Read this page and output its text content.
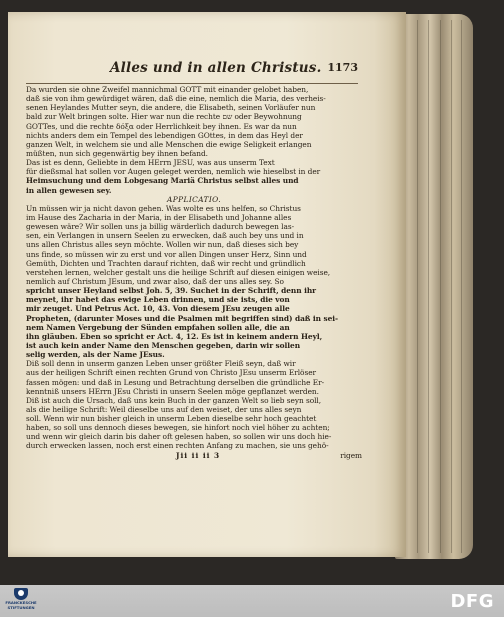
Alles und in allen Christus. 1173
Da wurden sie ohne Zweifel mannichmal GOTT mit einander gelobet haben,
daß sie von ihm gewürdiget wären, daß die eine, nemlich die Maria, des verheis-
senen Heylandes Mutter seyn, die andere, die Elisabeth, seinen Vorläufer nun
bald zur Welt bringen solte. Hier war nun die rechte שם oder Beywohnung
GOTTes, und die rechte δόξα oder Herrlichkeit bey ihnen. Es war da nun
nichts anders dem ein Tempel des lebendigen GOttes, in dem das Heyl der
ganzen Welt, in welchem sie und alle Menschen die ewige Seligkeit erlangen
müßten, nun sich gegenwärtig bey ihnen befand.
Das ist es denn, Geliebte in dem HErrn JESU, was aus unserm Text
für dießsmal hat sollen vor Augen geleget werden, nemlich wie hieselbst in der
Heimsuchung und dem Lobgesang Mariä Christus selbst alles und
in allen gewesen sey.
APPLICATIO.
Un müssen wir ja nicht davon gehen. Was wolte es uns helfen, so Christus
im Hause des Zacharia in der Maria, in der Elisabeth und Johanne alles
gewesen wäre? Wir sollen uns ja billig wärderlich dadurch bewegen las-
sen, ein Verlangen in unsern Seelen zu erwecken, daß auch bey uns und in
uns allen Christus alles seyn möchte. Wollen wir nun, daß dieses sich bey
uns finde, so müssen wir zu erst und vor allen Dingen unser Herz, Sinn und
Gemüth, Dichten und Trachten darauf richten, daß wir recht und gründlich
verstehen lernen, welcher gestalt uns die heilige Schrift auf diesen einigen weise,
nemlich auf Christum JEsum, und zwar also, daß der uns alles sey. So
spricht unser Heyland selbst Joh. 5, 39. Suchet in der Schrift, denn ihr
meynet, ihr habet das ewige Leben drinnen, und sie ists, die von
mir zeuget. Und Petrus Act. 10, 43. Von diesem JEsu zeugen alle
Propheten, (darunter Moses und die Psalmen mit begriffen sind) daß in sei-
nem Namen Vergebung der Sünden empfahen sollen alle, die an
ihn gläuben. Eben so spricht er Act. 4, 12. Es ist in keinem andern Heyl,
ist auch kein ander Name den Menschen gegeben, darin wir sollen
selig werden, als der Name JEsus.
Diß soll denn in unserm ganzen Leben unser größter Fleiß seyn, daß wir
aus der heiligen Schrift einen rechten Grund von Christo JEsu unserm Erlöser
fassen mögen: und daß in Lesung und Betrachtung derselben die gründliche Er-
kenntniß unsers HErrn JEsu Christi in unsern Seelen möge gepflanzet werden.
Diß ist auch die Ursach, daß uns kein Buch in der ganzen Welt so lieb seyn soll,
als die heilige Schrift: Weil dieselbe uns auf den weiset, der uns alles seyn
soll. Wenn wir nun bisher gleich in unserm Leben dieselbe sehr hoch geachtet
haben, so soll uns dennoch dieses bewegen, sie hinfort noch viel höher zu achten;
und wenn wir gleich darin bis daher oft gelesen haben, so sollen wir uns doch hie-
durch erwecken lassen, noch erst einen rechten Anfang zu machen, sie uns gehö-
Jii ii ii 3	rigem
FRANCKESCHE
STIFTUNGEN	DFG
